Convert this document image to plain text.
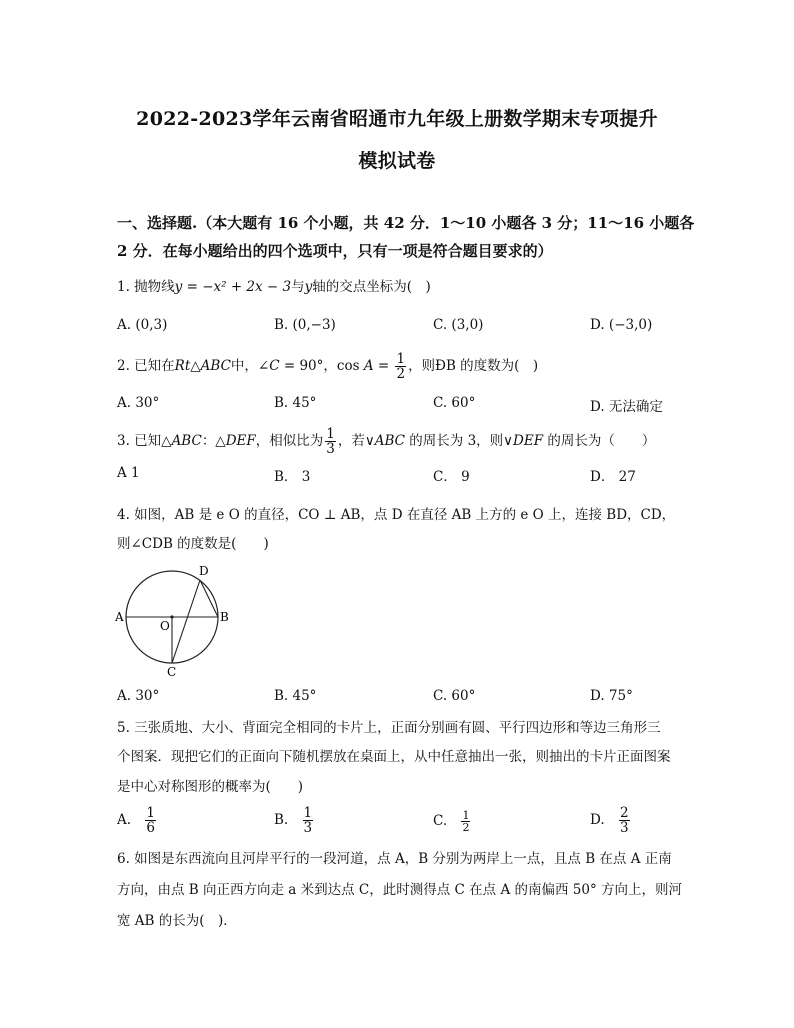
2022-2023学年云南省昭通市九年级上册数学期末专项提升
模拟试卷
一、选择题.（本大题有 16 个小题，共 42 分．1～10 小题各 3 分；11～16 小题各
2 分．在每小题给出的四个选项中，只有一项是符合题目要求的）
1. 抛物线y = −x² + 2x − 3与y轴的交点坐标为(　)
A. (0,3)	B. (0,−3)	C. (3,0)	D. (−3,0)
2. 已知在Rt△ABC中，∠C = 90°，$\cos A = \frac{1}{2}$ ，则ÐB 的度数为(　)
A. 30°	B. 45°	C. 60°	D. 无法确定
3. 已知△ABC：△DEF，相似比为 $\frac{1}{3}$ ，若∨ABC 的周长为 3，则∨DEF 的周长为（　　）
A 1	B． 3	C． 9	D． 27
4. 如图，AB 是 e O 的直径，CO ⊥ AB，点 D 在直径 AB 上方的 e O 上，连接 BD，CD，
则∠CDB 的度数是(　　)
A	B
C
D
O
A. 30°	B. 45°	C. 60°	D. 75°
5. 三张质地、大小、背面完全相同的卡片上，正面分别画有圆、平行四边形和等边三角形三
个图案．现把它们的正面向下随机摆放在桌面上，从中任意抽出一张，则抽出的卡片正面图案
是中心对称图形的概率为(　　)
A. $\frac{1}{6}$	B. $\frac{1}{3}$	C. $\frac{1}{2}$	D. $\frac{2}{3}$
6. 如图是东西流向且河岸平行的一段河道，点 A，B 分别为两岸上一点，且点 B 在点 A 正南
方向，由点 B 向正西方向走 a 米到达点 C，此时测得点 C 在点 A 的南偏西 50° 方向上，则河
宽 AB 的长为(　)．
